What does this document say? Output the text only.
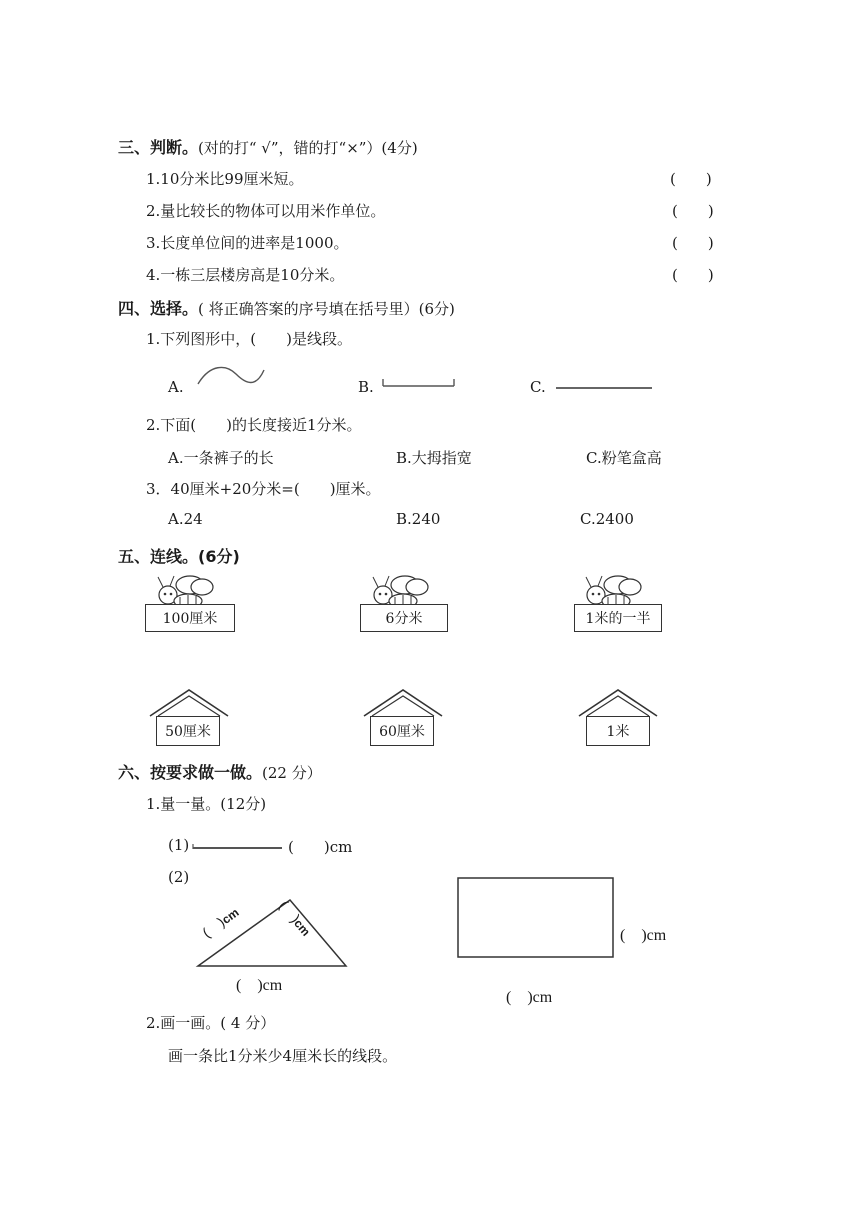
三、判断。(对的打“ √”，错的打“×”）(4分)
1.10分米比99厘米短。	(　　)
2.量比较长的物体可以用米作单位。	(　　)
3.长度单位间的进率是1000。	(　　)
4.一栋三层楼房高是10分米。	(　　)
四、选择。( 将正确答案的序号填在括号里）(6分)
1.下列图形中，(　　)是线段。
A.	B.	C.
2.下面(　　)的长度接近1分米。
A.一条裤子的长	B.大拇指宽	C.粉笔盒高
3．40厘米+20分米=(　　)厘米。
A.24	B.240	C.2400
五、连线。(6分)
100厘米	6分米	1米的一半
50厘米	60厘米	1米
六、按要求做一做。(22 分）
1.量一量。(12分)
(1)	(　　)cm
(2)
(　)cm (　)cm
(　)cm
(　)cm
(　)cm
2.画一画。( 4 分）
画一条比1分米少4厘米长的线段。
